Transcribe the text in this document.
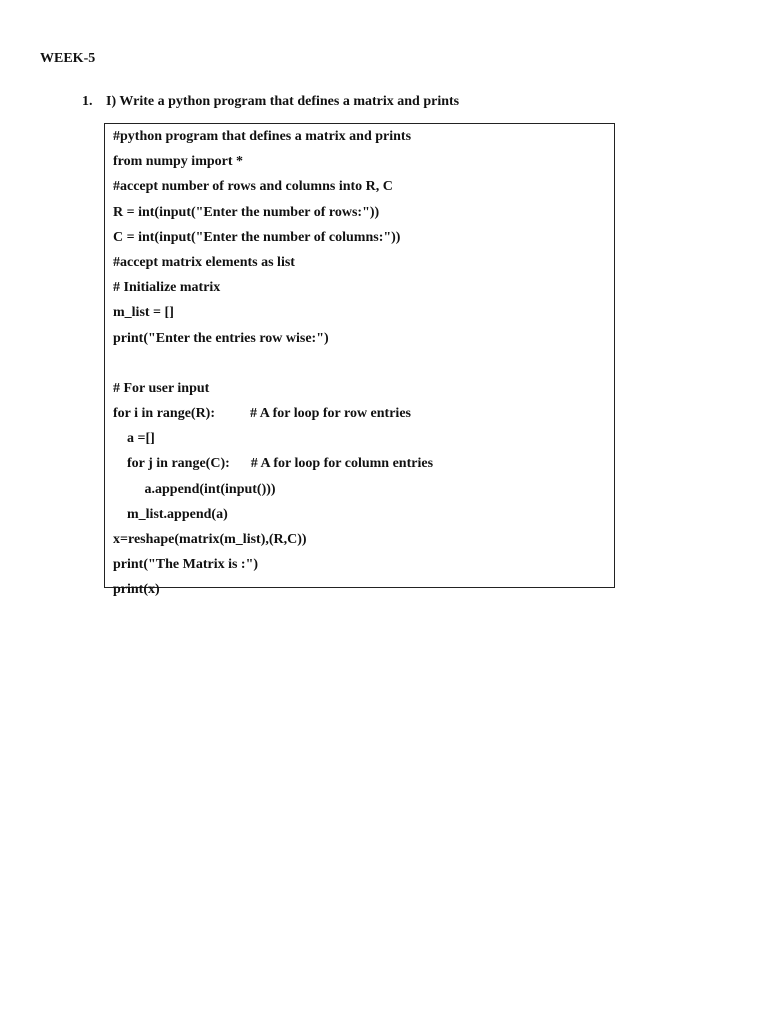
WEEK-5

1. I) Write a python program that defines a matrix and prints

#python program that defines a matrix and prints
from numpy import *
#accept number of rows and columns into R, C
R = int(input("Enter the number of rows:"))
C = int(input("Enter the number of columns:"))
#accept matrix elements as list
# Initialize matrix
m_list = []
print("Enter the entries row wise:")
# For user input
for i in range(R):          # A for loop for row entries
a =[]
for j in range(C):      # A for loop for column entries
a.append(int(input()))
m_list.append(a)
x=reshape(matrix(m_list),(R,C))
print("The Matrix is :")
print(x)
